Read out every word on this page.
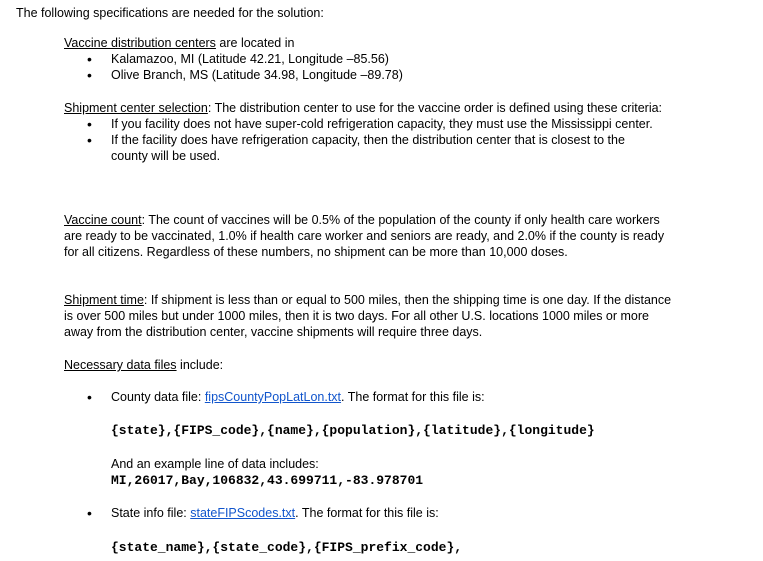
The following specifications are needed for the solution:

Vaccine distribution centers are located in
• Kalamazoo, MI (Latitude 42.21, Longitude –85.56)
• Olive Branch, MS (Latitude 34.98, Longitude –89.78)
Shipment center selection: The distribution center to use for the vaccine order is defined using these criteria:
• If you facility does not have super-cold refrigeration capacity, they must use the Mississippi center.
• If the facility does have refrigeration capacity, then the distribution center that is closest to the county will be used.
Vaccine count: The count of vaccines will be 0.5% of the population of the county if only health care workers are ready to be vaccinated, 1.0% if health care worker and seniors are ready, and 2.0% if the county is ready for all citizens. Regardless of these numbers, no shipment can be more than 10,000 doses.
Shipment time: If shipment is less than or equal to 500 miles, then the shipping time is one day. If the distance is over 500 miles but under 1000 miles, then it is two days. For all other U.S. locations 1000 miles or more away from the distribution center, vaccine shipments will require three days.
Necessary data files include:
• County data file: fipsCountyPopLatLon.txt. The format for this file is:
{state},{FIPS_code},{name},{population},{latitude},{longitude}
And an example line of data includes:
MI,26017,Bay,106832,43.699711,-83.978701
• State info file: stateFIPScodes.txt. The format for this file is:
{state_name},{state_code},{FIPS_prefix_code},
